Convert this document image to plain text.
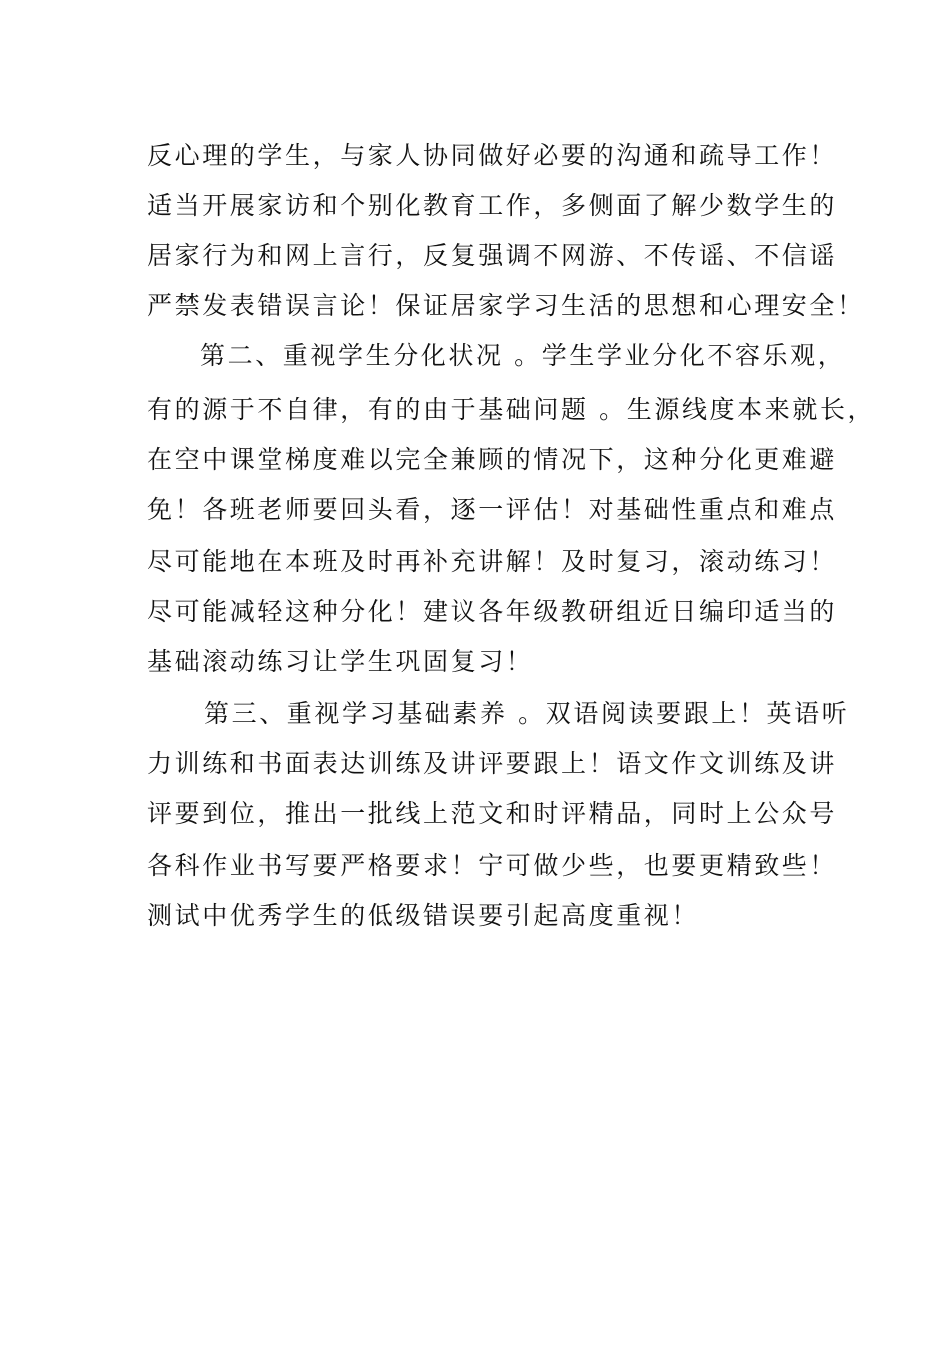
反心理的学生，与家人协同做好必要的沟通和疏导工作！
适当开展家访和个别化教育工作，多侧面了解少数学生的
居家行为和网上言行，反复强调不网游、不传谣、不信谣
严禁发表错误言论！保证居家学习生活的思想和心理安全！
第二、重视学生分化状况 。学生学业分化不容乐观，
有的源于不自律，有的由于基础问题 。生源线度本来就长，
在空中课堂梯度难以完全兼顾的情况下，这种分化更难避
免！各班老师要回头看，逐一评估！对基础性重点和难点
尽可能地在本班及时再补充讲解！及时复习，滚动练习！
尽可能减轻这种分化！建议各年级教研组近日编印适当的
基础滚动练习让学生巩固复习！
第三、重视学习基础素养 。双语阅读要跟上！英语听
力训练和书面表达训练及讲评要跟上！语文作文训练及讲
评要到位，推出一批线上范文和时评精品，同时上公众号
各科作业书写要严格要求！宁可做少些，也要更精致些！
测试中优秀学生的低级错误要引起高度重视！
